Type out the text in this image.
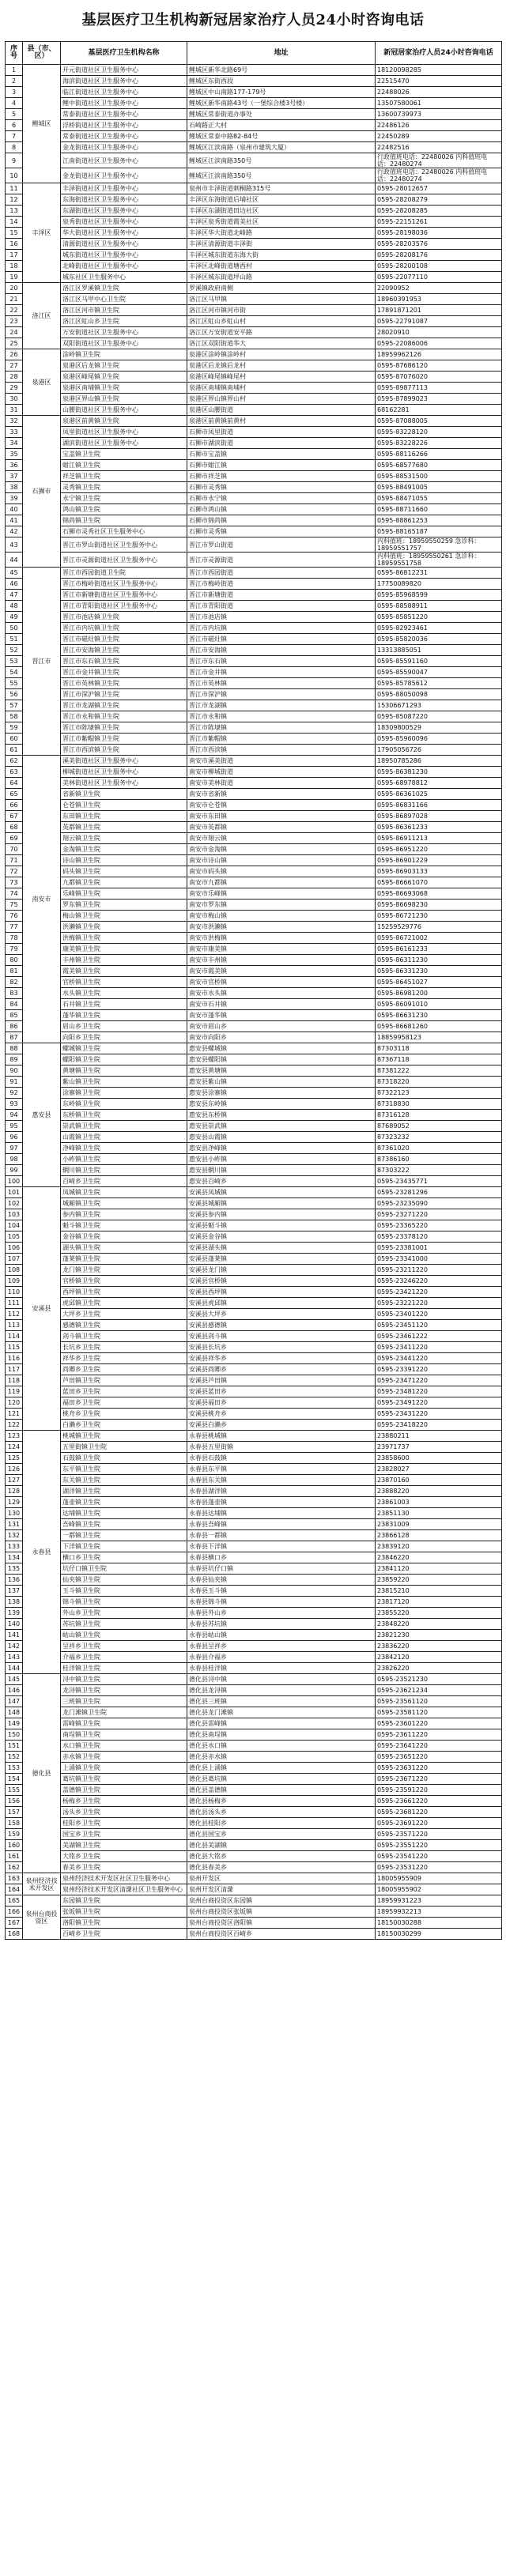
基层医疗卫生机构新冠居家治疗人员24小时咨询电话
序号	县（市、区）	基层医疗卫生机构名称	地址	新冠居家治疗人员24小时咨询电话
1	鲤城区	开元街道社区卫生服务中心	鲤城区新华北路69号	18120098285
2		海滨街道社区卫生服务中心	鲤城区东街西段	22515470
3		临江街道社区卫生服务中心	鲤城区中山南路177-179号	22488026
4		鲤中街道社区卫生服务中心	鲤城区新华南路43号（一堡综合楼3号楼）	13507580061
5		常泰街道社区卫生服务中心	鲤城区常泰街道办事处	13600739973
6		浮桥街道社区卫生服务中心	石崎路正大村	22486126
7		常泰街道社区卫生服务中心	鲤城区常泰中路82-84号	22450289
8		金龙街道社区卫生服务中心	鲤城区江滨南路（泉州市建筑大厦）	22482516
9		江南街道社区卫生服务中心	鲤城区江滨南路350号	行政值班电话：22480026 内科值班电话：22480274
10		金龙街道社区卫生服务中心	鲤城区江滨南路350号	行政值班电话：22480026 内科值班电话：22480274
11	丰泽区	丰泽街道社区卫生服务中心	泉州市丰泽街道刺桐路315号	0595-28012657
12		东海街道社区卫生服务中心	丰泽区东海街道后埔社区	0595-28208279
13		东湖街道社区卫生服务中心	丰泽区东湖街道田边社区	0595-28208285
14		泉秀街道社区卫生服务中心	丰泽区泉秀街道霞美社区	0595-22151261
15		华大街道社区卫生服务中心	丰泽区华大街道北峰路	0595-28198036
16		清源街道社区卫生服务中心	丰泽区清源街道丰泽街	0595-28203576
17		城东街道社区卫生服务中心	丰泽区城东街道东海大街	0595-28208176
18		北峰街道社区卫生服务中心	丰泽区北峰街道塘西村	0595-28200108
19		城东社区卫生服务中心	丰泽区城东街道坪山路	0595-22077110
20	洛江区	洛江区罗溪镇卫生院	罗溪镇政府南侧	22090952
21		洛江区马甲中心卫生院	洛江区马甲镇	18960391953
22		洛江区河市镇卫生院	洛江区河市镇河市街	17891871201
23		洛江区虹山乡卫生院	洛江区虹山乡虹山村	0595-22791087
24		万安街道社区卫生服务中心	洛江区万安街道安平路	28020910
25		双阳街道社区卫生服务中心	洛江区双阳街道华大	0595-22086006
26	泉港区	涂岭镇卫生院	泉港区涂岭镇涂岭村	18959962126
27		泉港区后龙镇卫生院	泉港区后龙镇后龙村	0595-87686120
28		泉港区峰尾镇卫生院	泉港区峰尾镇峰尾村	0595-87076020
29		泉港区南埔镇卫生院	泉港区南埔镇南埔村	0595-89877113
30		泉港区界山镇卫生院	泉港区界山镇界山村	0595-87899023
31		山腰街道社区卫生服务中心	泉港区山腰街道	68162281
32	石狮市	泉港区前黄镇卫生院	泉港区前黄镇前黄村	0595-87088005
33		凤里街道社区卫生服务中心	石狮市凤里街道	0595-83228120
34		湖滨街道社区卫生服务中心	石狮市湖滨街道	0595-83228226
35		宝盖镇卫生院	石狮市宝盖镇	0595-88116266
36		蚶江镇卫生院	石狮市蚶江镇	0595-68577680
37		祥芝镇卫生院	石狮市祥芝镇	0595-88531500
38		灵秀镇卫生院	石狮市灵秀镇	0595-88491005
39		永宁镇卫生院	石狮市永宁镇	0595-88471055
40		鸿山镇卫生院	石狮市鸿山镇	0595-88711660
41		锦尚镇卫生院	石狮市锦尚镇	0595-88861253
42		石狮市灵秀社区卫生服务中心	石狮市灵秀镇	0595-88165187
43		晋江市罗山街道社区卫生服务中心	晋江市罗山街道	内科值班：18959550259 急诊科：18959551757
44		晋江市灵源街道社区卫生服务中心	晋江市灵源街道	内科值班：18959550261 急诊科：18959551758
45	晋江市	晋江市西园街道卫生院	晋江市西园街道	0595-86812231
46		晋江市梅岭街道社区卫生服务中心	晋江市梅岭街道	17750089820
47		晋江市新塘街道社区卫生服务中心	晋江市新塘街道	0595-85968599
48		晋江市青阳街道社区卫生服务中心	晋江市青阳街道	0595-88588911
49		晋江市池店镇卫生院	晋江市池店镇	0595-85851220
50		晋江市内坑镇卫生院	晋江市内坑镇	0595-82923461
51		晋江市磁灶镇卫生院	晋江市磁灶镇	0595-85820036
52		晋江市安海镇卫生院	晋江市安海镇	13313885051
53		晋江市东石镇卫生院	晋江市东石镇	0595-85591160
54		晋江市金井镇卫生院	晋江市金井镇	0595-85590047
55		晋江市英林镇卫生院	晋江市英林镇	0595-85785612
56		晋江市深沪镇卫生院	晋江市深沪镇	0595-88050098
57		晋江市龙湖镇卫生院	晋江市龙湖镇	15306671293
58		晋江市永和镇卫生院	晋江市永和镇	0595-85087220
59		晋江市陈埭镇卫生院	晋江市陈埭镇	18309800529
60		晋江市紫帽镇卫生院	晋江市紫帽镇	0595-85960096
61		晋江市西滨镇卫生院	晋江市西滨镇	17905056726
62	南安市	溪美街道社区卫生服务中心	南安市溪美街道	18950785286
63		柳城街道社区卫生服务中心	南安市柳城街道	0595-86381230
64		美林街道社区卫生服务中心	南安市美林街道	0595-68978812
65		省新镇卫生院	南安市省新镇	0595-86361025
66		仑苍镇卫生院	南安市仑苍镇	0595-86831166
67		东田镇卫生院	南安市东田镇	0595-86897028
68		英都镇卫生院	南安市英都镇	0595-86361233
69		翔云镇卫生院	南安市翔云镇	0595-86911213
70		金淘镇卫生院	南安市金淘镇	0595-86951220
71		诗山镇卫生院	南安市诗山镇	0595-86901229
72		码头镇卫生院	南安市码头镇	0595-86903133
73		九都镇卫生院	南安市九都镇	0595-86661070
74		乐峰镇卫生院	南安市乐峰镇	0595-86693068
75		罗东镇卫生院	南安市罗东镇	0595-86698230
76		梅山镇卫生院	南安市梅山镇	0595-86721230
77		洪濑镇卫生院	南安市洪濑镇	15259529776
78		洪梅镇卫生院	南安市洪梅镇	0595-86721002
79		康美镇卫生院	南安市康美镇	0595-86161233
80		丰州镇卫生院	南安市丰州镇	0595-86311230
81		霞美镇卫生院	南安市霞美镇	0595-86331230
82		官桥镇卫生院	南安市官桥镇	0595-86451027
83		水头镇卫生院	南安市水头镇	0595-86981200
84		石井镇卫生院	南安市石井镇	0595-86091010
85		蓬华镇卫生院	南安市蓬华镇	0595-86631230
86		眉山乡卫生院	南安市眉山乡	0595-86681260
87		向阳乡卫生院	南安市向阳乡	18859958123
88	惠安县	螺城镇卫生院	惠安县螺城镇	87303118
89		螺阳镇卫生院	惠安县螺阳镇	87367118
90		黄塘镇卫生院	惠安县黄塘镇	87381222
91		紫山镇卫生院	惠安县紫山镇	87318220
92		涂寨镇卫生院	惠安县涂寨镇	87322123
93		东岭镇卫生院	惠安县东岭镇	87318830
94		东桥镇卫生院	惠安县东桥镇	87316128
95		崇武镇卫生院	惠安县崇武镇	87689052
96		山霞镇卫生院	惠安县山霞镇	87323232
97		净峰镇卫生院	惠安县净峰镇	87361020
98		小岞镇卫生院	惠安县小岞镇	87386160
99		辋川镇卫生院	惠安县辋川镇	87303222
100		百崎乡卫生院	惠安县百崎乡	0595-23435771
101	安溪县	凤城镇卫生院	安溪县凤城镇	0595-23281296
102		城厢镇卫生院	安溪县城厢镇	0595-23235090
103		参内镇卫生院	安溪县参内镇	0595-23271220
104		魁斗镇卫生院	安溪县魁斗镇	0595-23365220
105		金谷镇卫生院	安溪县金谷镇	0595-23378120
106		湖头镇卫生院	安溪县湖头镇	0595-23381001
107		蓬莱镇卫生院	安溪县蓬莱镇	0595-23341000
108		龙门镇卫生院	安溪县龙门镇	0595-23211220
109		官桥镇卫生院	安溪县官桥镇	0595-23246220
110		西坪镇卫生院	安溪县西坪镇	0595-23421220
111		虎邱镇卫生院	安溪县虎邱镇	0595-23221220
112		大坪乡卫生院	安溪县大坪乡	0595-23401220
113		感德镇卫生院	安溪县感德镇	0595-23451120
114		剑斗镇卫生院	安溪县剑斗镇	0595-23461222
115		长坑乡卫生院	安溪县长坑乡	0595-23411220
116		祥华乡卫生院	安溪县祥华乡	0595-23441220
117		尚卿乡卫生院	安溪县尚卿乡	0595-23391220
118		芦田镇卫生院	安溪县芦田镇	0595-23471220
119		蓝田乡卫生院	安溪县蓝田乡	0595-23481220
120		福田乡卫生院	安溪县福田乡	0595-23491220
121		桃舟乡卫生院	安溪县桃舟乡	0595-23431220
122		白濑乡卫生院	安溪县白濑乡	0595-23418220
123	永春县	桃城镇卫生院	永春县桃城镇	23880211
124		五里街镇卫生院	永春县五里街镇	23971737
125		石鼓镇卫生院	永春县石鼓镇	23858600
126		东平镇卫生院	永春县东平镇	23828027
127		东关镇卫生院	永春县东关镇	23870160
128		湖洋镇卫生院	永春县湖洋镇	23888220
129		蓬壶镇卫生院	永春县蓬壶镇	23861003
130		达埔镇卫生院	永春县达埔镇	23851130
131		吾峰镇卫生院	永春县吾峰镇	23831009
132		一都镇卫生院	永春县一都镇	23866128
133		下洋镇卫生院	永春县下洋镇	23839120
134		横口乡卫生院	永春县横口乡	23846220
135		坑仔口镇卫生院	永春县坑仔口镇	23841120
136		仙夹镇卫生院	永春县仙夹镇	23859220
137		玉斗镇卫生院	永春县玉斗镇	23815210
138		锦斗镇卫生院	永春县锦斗镇	23817120
139		外山乡卫生院	永春县外山乡	23855220
140		苏坑镇卫生院	永春县苏坑镇	23848220
141		岵山镇卫生院	永春县岵山镇	23821230
142		呈祥乡卫生院	永春县呈祥乡	23836220
143		介福乡卫生院	永春县介福乡	23842120
144		桂洋镇卫生院	永春县桂洋镇	23826220
145	德化县	浔中镇卫生院	德化县浔中镇	0595-23521230
146		龙浔镇卫生院	德化县龙浔镇	0595-23621234
147		三班镇卫生院	德化县三班镇	0595-23561120
148		龙门滩镇卫生院	德化县龙门滩镇	0595-23581120
149		雷峰镇卫生院	德化县雷峰镇	0595-23601220
150		南埕镇卫生院	德化县南埕镇	0595-23611220
151		水口镇卫生院	德化县水口镇	0595-23641220
152		赤水镇卫生院	德化县赤水镇	0595-23651220
153		上涌镇卫生院	德化县上涌镇	0595-23631220
154		葛坑镇卫生院	德化县葛坑镇	0595-23671220
155		盖德镇卫生院	德化县盖德镇	0595-23591220
156		杨梅乡卫生院	德化县杨梅乡	0595-23661220
157		汤头乡卫生院	德化县汤头乡	0595-23681220
158		桂阳乡卫生院	德化县桂阳乡	0595-23691220
159		国宝乡卫生院	德化县国宝乡	0595-23571220
160		美湖镇卫生院	德化县美湖镇	0595-23551220
161		大铭乡卫生院	德化县大铭乡	0595-23541220
162		春美乡卫生院	德化县春美乡	0595-23531220
163	泉州经济技术开发区	泉州经济技术开发区社区卫生服务中心	泉州开发区	18005955909
164		泉州经济技术开发区清濛社区卫生服务中心	泉州开发区清濛	18005955902
165	泉州台商投资区	东园镇卫生院	泉州台商投资区东园镇	18959931223
166		张坂镇卫生院	泉州台商投资区张坂镇	18959932213
167		洛阳镇卫生院	泉州台商投资区洛阳镇	18150030288
168		百崎乡卫生院	泉州台商投资区百崎乡	18150030299
